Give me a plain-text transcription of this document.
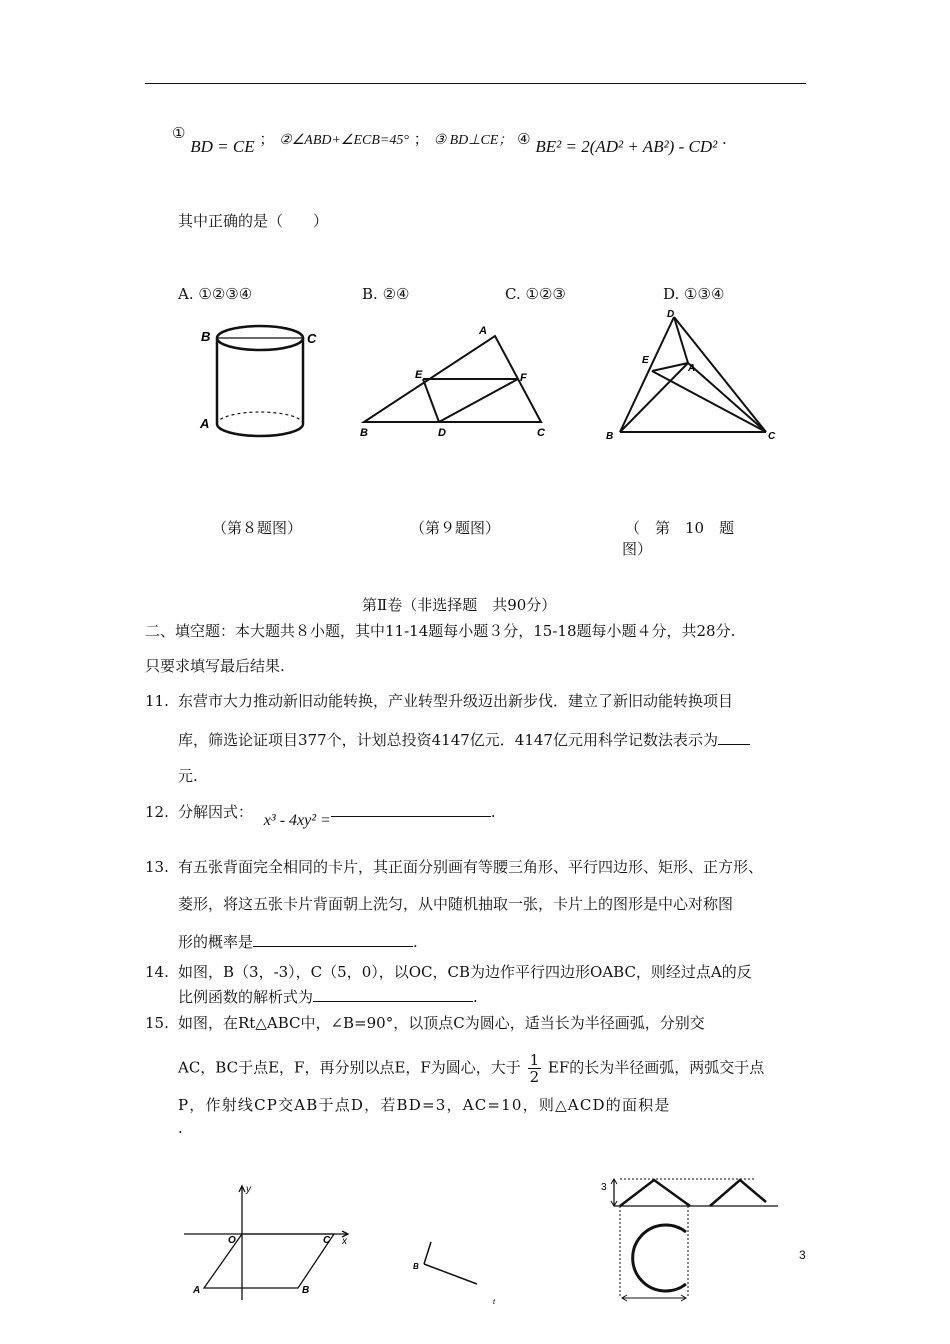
① BD = CE ； ②∠ABD+∠ECB=45° ； ③ BD⊥CE； ④ BE² = 2(AD² + AB²) - CD² .
其中正确的是（　　）
A. ①②③④	B. ②④	C. ①②③	D. ①③④
B	C
A
A
E	F
B	D	C
D
E
A
B	C
（第８题图）	（第９题图）	（　第　10　题
图）
第Ⅱ卷（非选择题　共90分）
二、填空题：本大题共８小题，其中11-14题每小题３分，15-18题每小题４分，共28分.
只要求填写最后结果.
11. 东营市大力推动新旧动能转换，产业转型升级迈出新步伐．建立了新旧动能转换项目
库，筛选论证项目377个，计划总投资4147亿元．4147亿元用科学记数法表示为
元.
12. 分解因式： x³ - 4xy² =	.
13. 有五张背面完全相同的卡片，其正面分别画有等腰三角形、平行四边形、矩形、正方形、
菱形，将这五张卡片背面朝上洗匀，从中随机抽取一张，卡片上的图形是中心对称图
形的概率是	.
14. 如图，B（3，-3），C（5，0），以OC，CB为边作平行四边形OABC，则经过点A的反
比例函数的解析式为	.
15. 如图，在Rt△ABC中，∠B=90°，以顶点C为圆心，适当长为半径画弧，分别交
AC，BC于点E，F，再分别以点E，F为圆心，大于 $\frac{1}{2}$ EF的长为半径画弧，两弧交于点
P，作射线CP交AB于点D，若BD=3，AC=10，则△ACD的面积是
.
y
O	C x
A	B
B
t
3
3
